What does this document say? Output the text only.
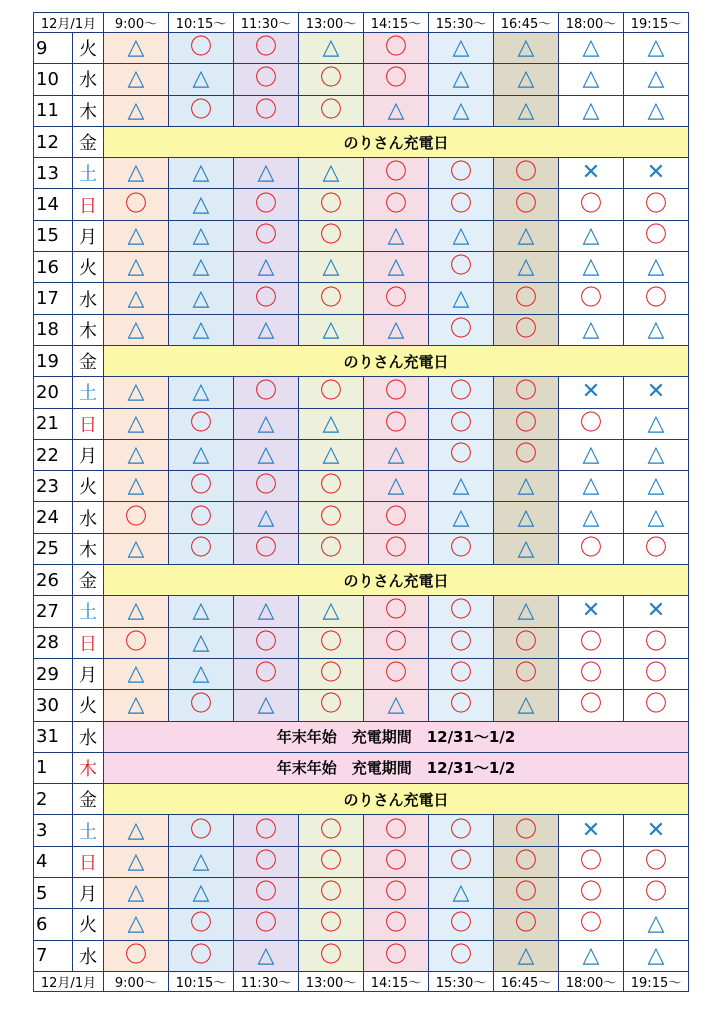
12月/1月		9:00～	10:15～	11:30～	13:00～	14:15～	15:30～	16:45～	18:00～	19:15～
9	火	△	〇	〇	△	〇	△	△	△	△
10	水	△	△	〇	〇	〇	△	△	△	△
11	木	△	〇	〇	〇	△	△	△	△	△
12	金	のりさん充電日								
13	土	△	△	△	△	〇	〇	〇	✕	✕
14	日	〇	△	〇	〇	〇	〇	〇	〇	〇
15	月	△	△	〇	〇	△	△	△	△	〇
16	火	△	△	△	△	△	〇	△	△	△
17	水	△	△	〇	〇	〇	△	〇	〇	〇
18	木	△	△	△	△	△	〇	〇	△	△
19	金	のりさん充電日								
20	土	△	△	〇	〇	〇	〇	〇	✕	✕
21	日	△	〇	△	△	〇	〇	〇	〇	△
22	月	△	△	△	△	△	〇	〇	△	△
23	火	△	〇	〇	〇	△	△	△	△	△
24	水	〇	〇	△	〇	〇	△	△	△	△
25	木	△	〇	〇	〇	〇	〇	△	〇	〇
26	金	のりさん充電日								
27	土	△	△	△	△	〇	〇	△	✕	✕
28	日	〇	△	〇	〇	〇	〇	〇	〇	〇
29	月	△	△	〇	〇	〇	〇	〇	〇	〇
30	火	△	〇	△	〇	△	〇	△	〇	〇
31	水	年末年始　充電期間　12/31～1/2								
1	木	年末年始　充電期間　12/31～1/2								
2	金	のりさん充電日								
3	土	△	〇	〇	〇	〇	〇	〇	✕	✕
4	日	△	△	〇	〇	〇	〇	〇	〇	〇
5	月	△	△	〇	〇	〇	△	〇	〇	〇
6	火	△	〇	〇	〇	〇	〇	〇	〇	△
7	水	〇	〇	△	〇	〇	〇	△	△	△
12月/1月		9:00～	10:15～	11:30～	13:00～	14:15～	15:30～	16:45～	18:00～	19:15～
